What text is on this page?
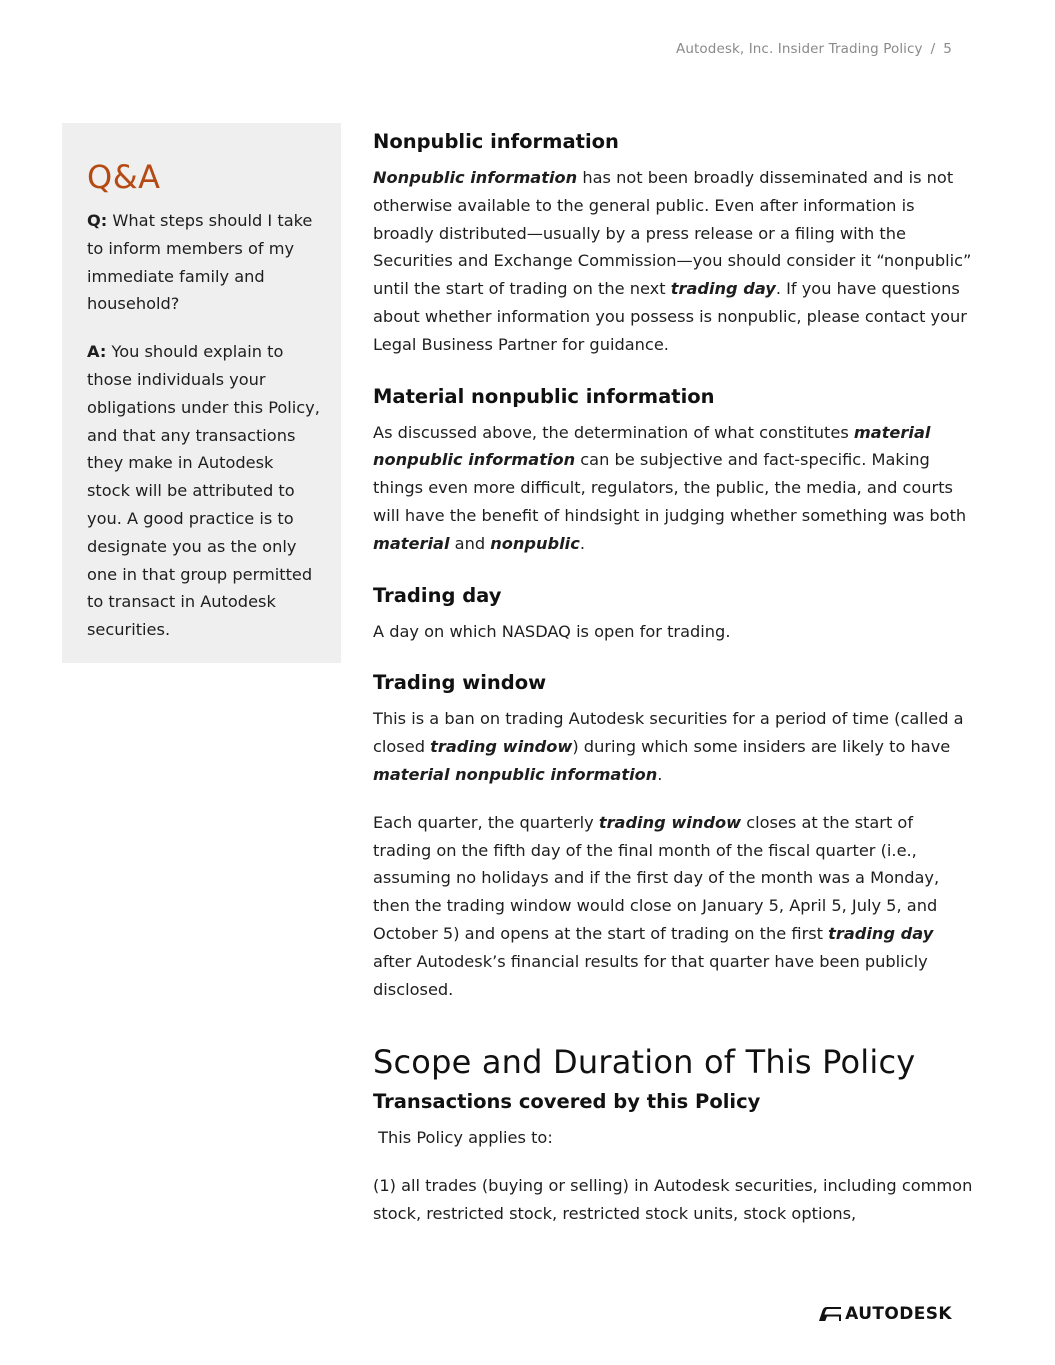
Autodesk, Inc. Insider Trading Policy / 5
Q&A

Q: What steps should I take to inform members of my immediate family and household?

A: You should explain to those individuals your obligations under this Policy, and that any transactions they make in Autodesk stock will be attributed to you. A good practice is to designate you as the only one in that group permitted to transact in Autodesk securities.

Nonpublic information

Nonpublic information has not been broadly disseminated and is not otherwise available to the general public. Even after information is broadly distributed—usually by a press release or a filing with the Securities and Exchange Commission—you should consider it “nonpublic” until the start of trading on the next trading day. If you have questions about whether information you possess is nonpublic, please contact your Legal Business Partner for guidance.

Material nonpublic information

As discussed above, the determination of what constitutes material nonpublic information can be subjective and fact-specific. Making things even more difficult, regulators, the public, the media, and courts will have the benefit of hindsight in judging whether something was both material and nonpublic.

Trading day

A day on which NASDAQ is open for trading.

Trading window

This is a ban on trading Autodesk securities for a period of time (called a closed trading window) during which some insiders are likely to have material nonpublic information.

Each quarter, the quarterly trading window closes at the start of trading on the fifth day of the final month of the fiscal quarter (i.e., assuming no holidays and if the first day of the month was a Monday, then the trading window would close on January 5, April 5, July 5, and October 5) and opens at the start of trading on the first trading day after Autodesk’s financial results for that quarter have been publicly disclosed.

Scope and Duration of This Policy
Transactions covered by this Policy

This Policy applies to:

(1) all trades (buying or selling) in Autodesk securities, including common stock, restricted stock, restricted stock units, stock options,

AUTODESK
